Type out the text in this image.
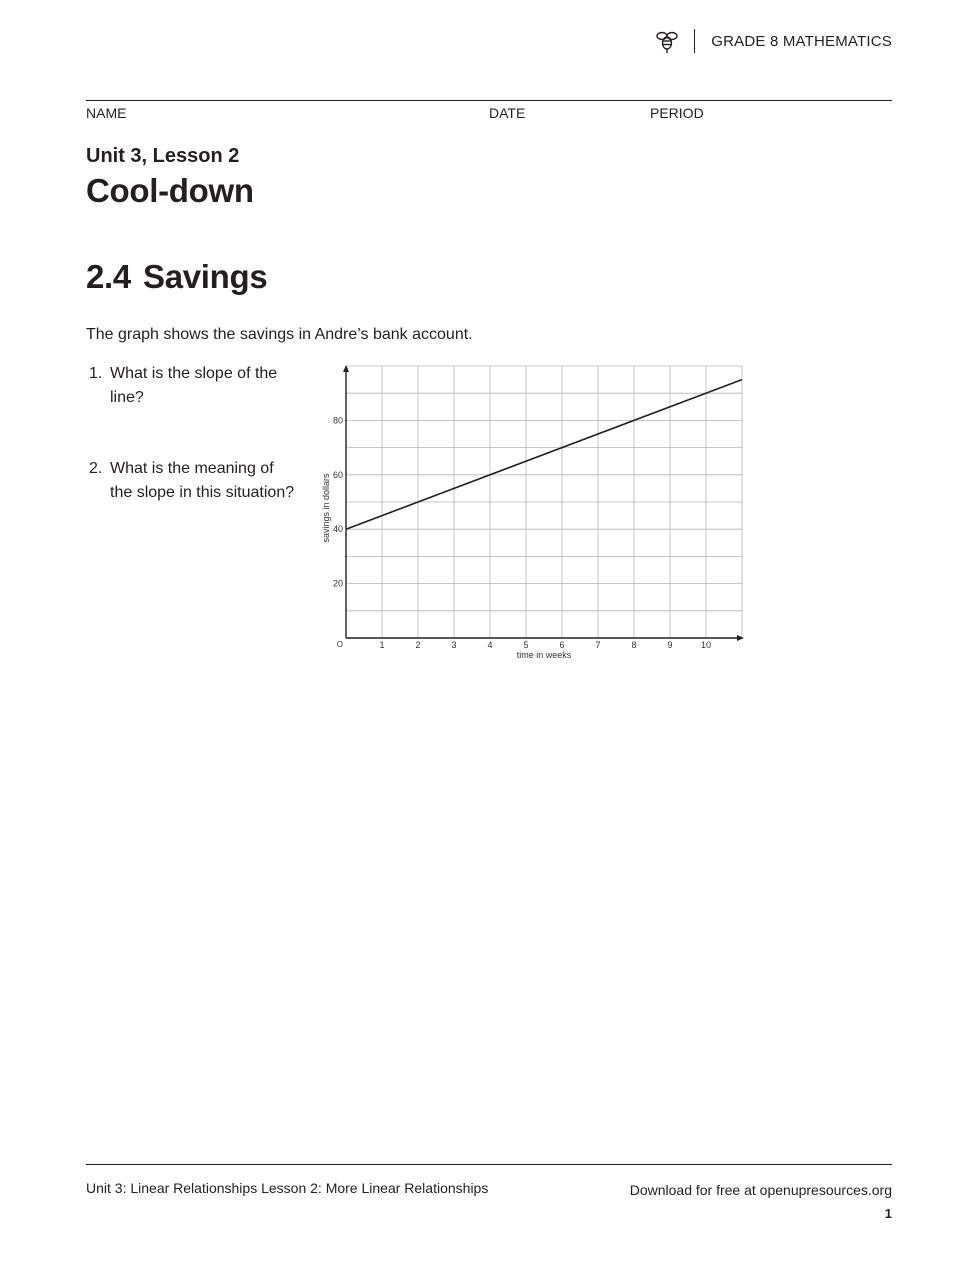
GRADE 8 MATHEMATICS
NAME	DATE	PERIOD
Unit 3, Lesson 2
Cool-down
2.4 Savings
The graph shows the savings in Andre’s bank account.
1. What is the slope of the line?
2. What is the meaning of the slope in this situation?
1	2	3	4	5	6	7	8	9	10
20
40
60
80
O
time in weeks
savings in dollars
Unit 3: Linear Relationships Lesson 2: More Linear Relationships	Download for free at openupresources.org
1
